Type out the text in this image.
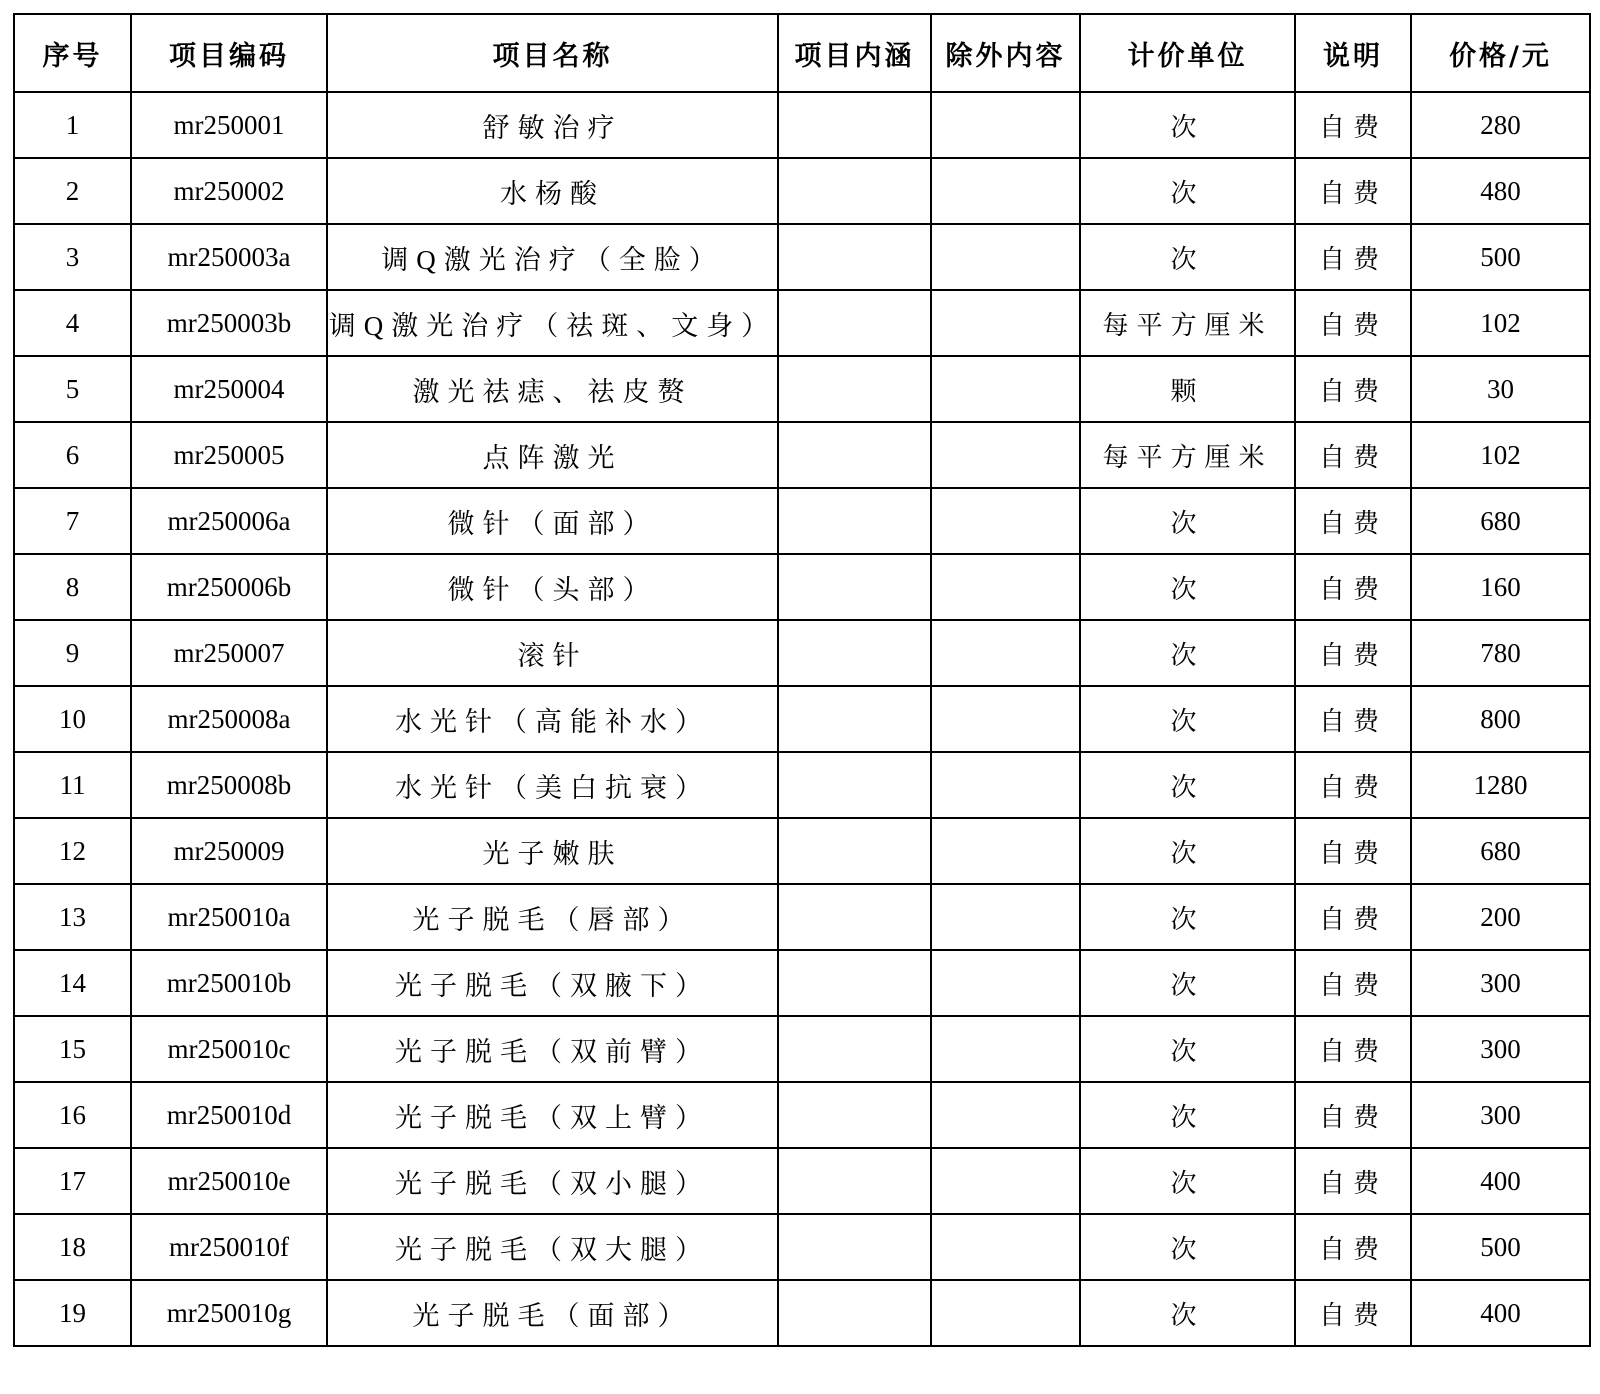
序号	项目编码	项目名称	项目内涵	除外内容	计价单位	说明	价格/元
1	mr250001	舒敏治疗			次	自费	280
2	mr250002	水杨酸			次	自费	480
3	mr250003a	调Q激光治疗（全脸）			次	自费	500
4	mr250003b	调Q激光治疗（祛斑、文身）			每平方厘米	自费	102
5	mr250004	激光祛痣、祛皮赘			颗	自费	30
6	mr250005	点阵激光			每平方厘米	自费	102
7	mr250006a	微针（面部）			次	自费	680
8	mr250006b	微针（头部）			次	自费	160
9	mr250007	滚针			次	自费	780
10	mr250008a	水光针（高能补水）			次	自费	800
11	mr250008b	水光针（美白抗衰）			次	自费	1280
12	mr250009	光子嫩肤			次	自费	680
13	mr250010a	光子脱毛（唇部）			次	自费	200
14	mr250010b	光子脱毛（双腋下）			次	自费	300
15	mr250010c	光子脱毛（双前臂）			次	自费	300
16	mr250010d	光子脱毛（双上臂）			次	自费	300
17	mr250010e	光子脱毛（双小腿）			次	自费	400
18	mr250010f	光子脱毛（双大腿）			次	自费	500
19	mr250010g	光子脱毛（面部）			次	自费	400
